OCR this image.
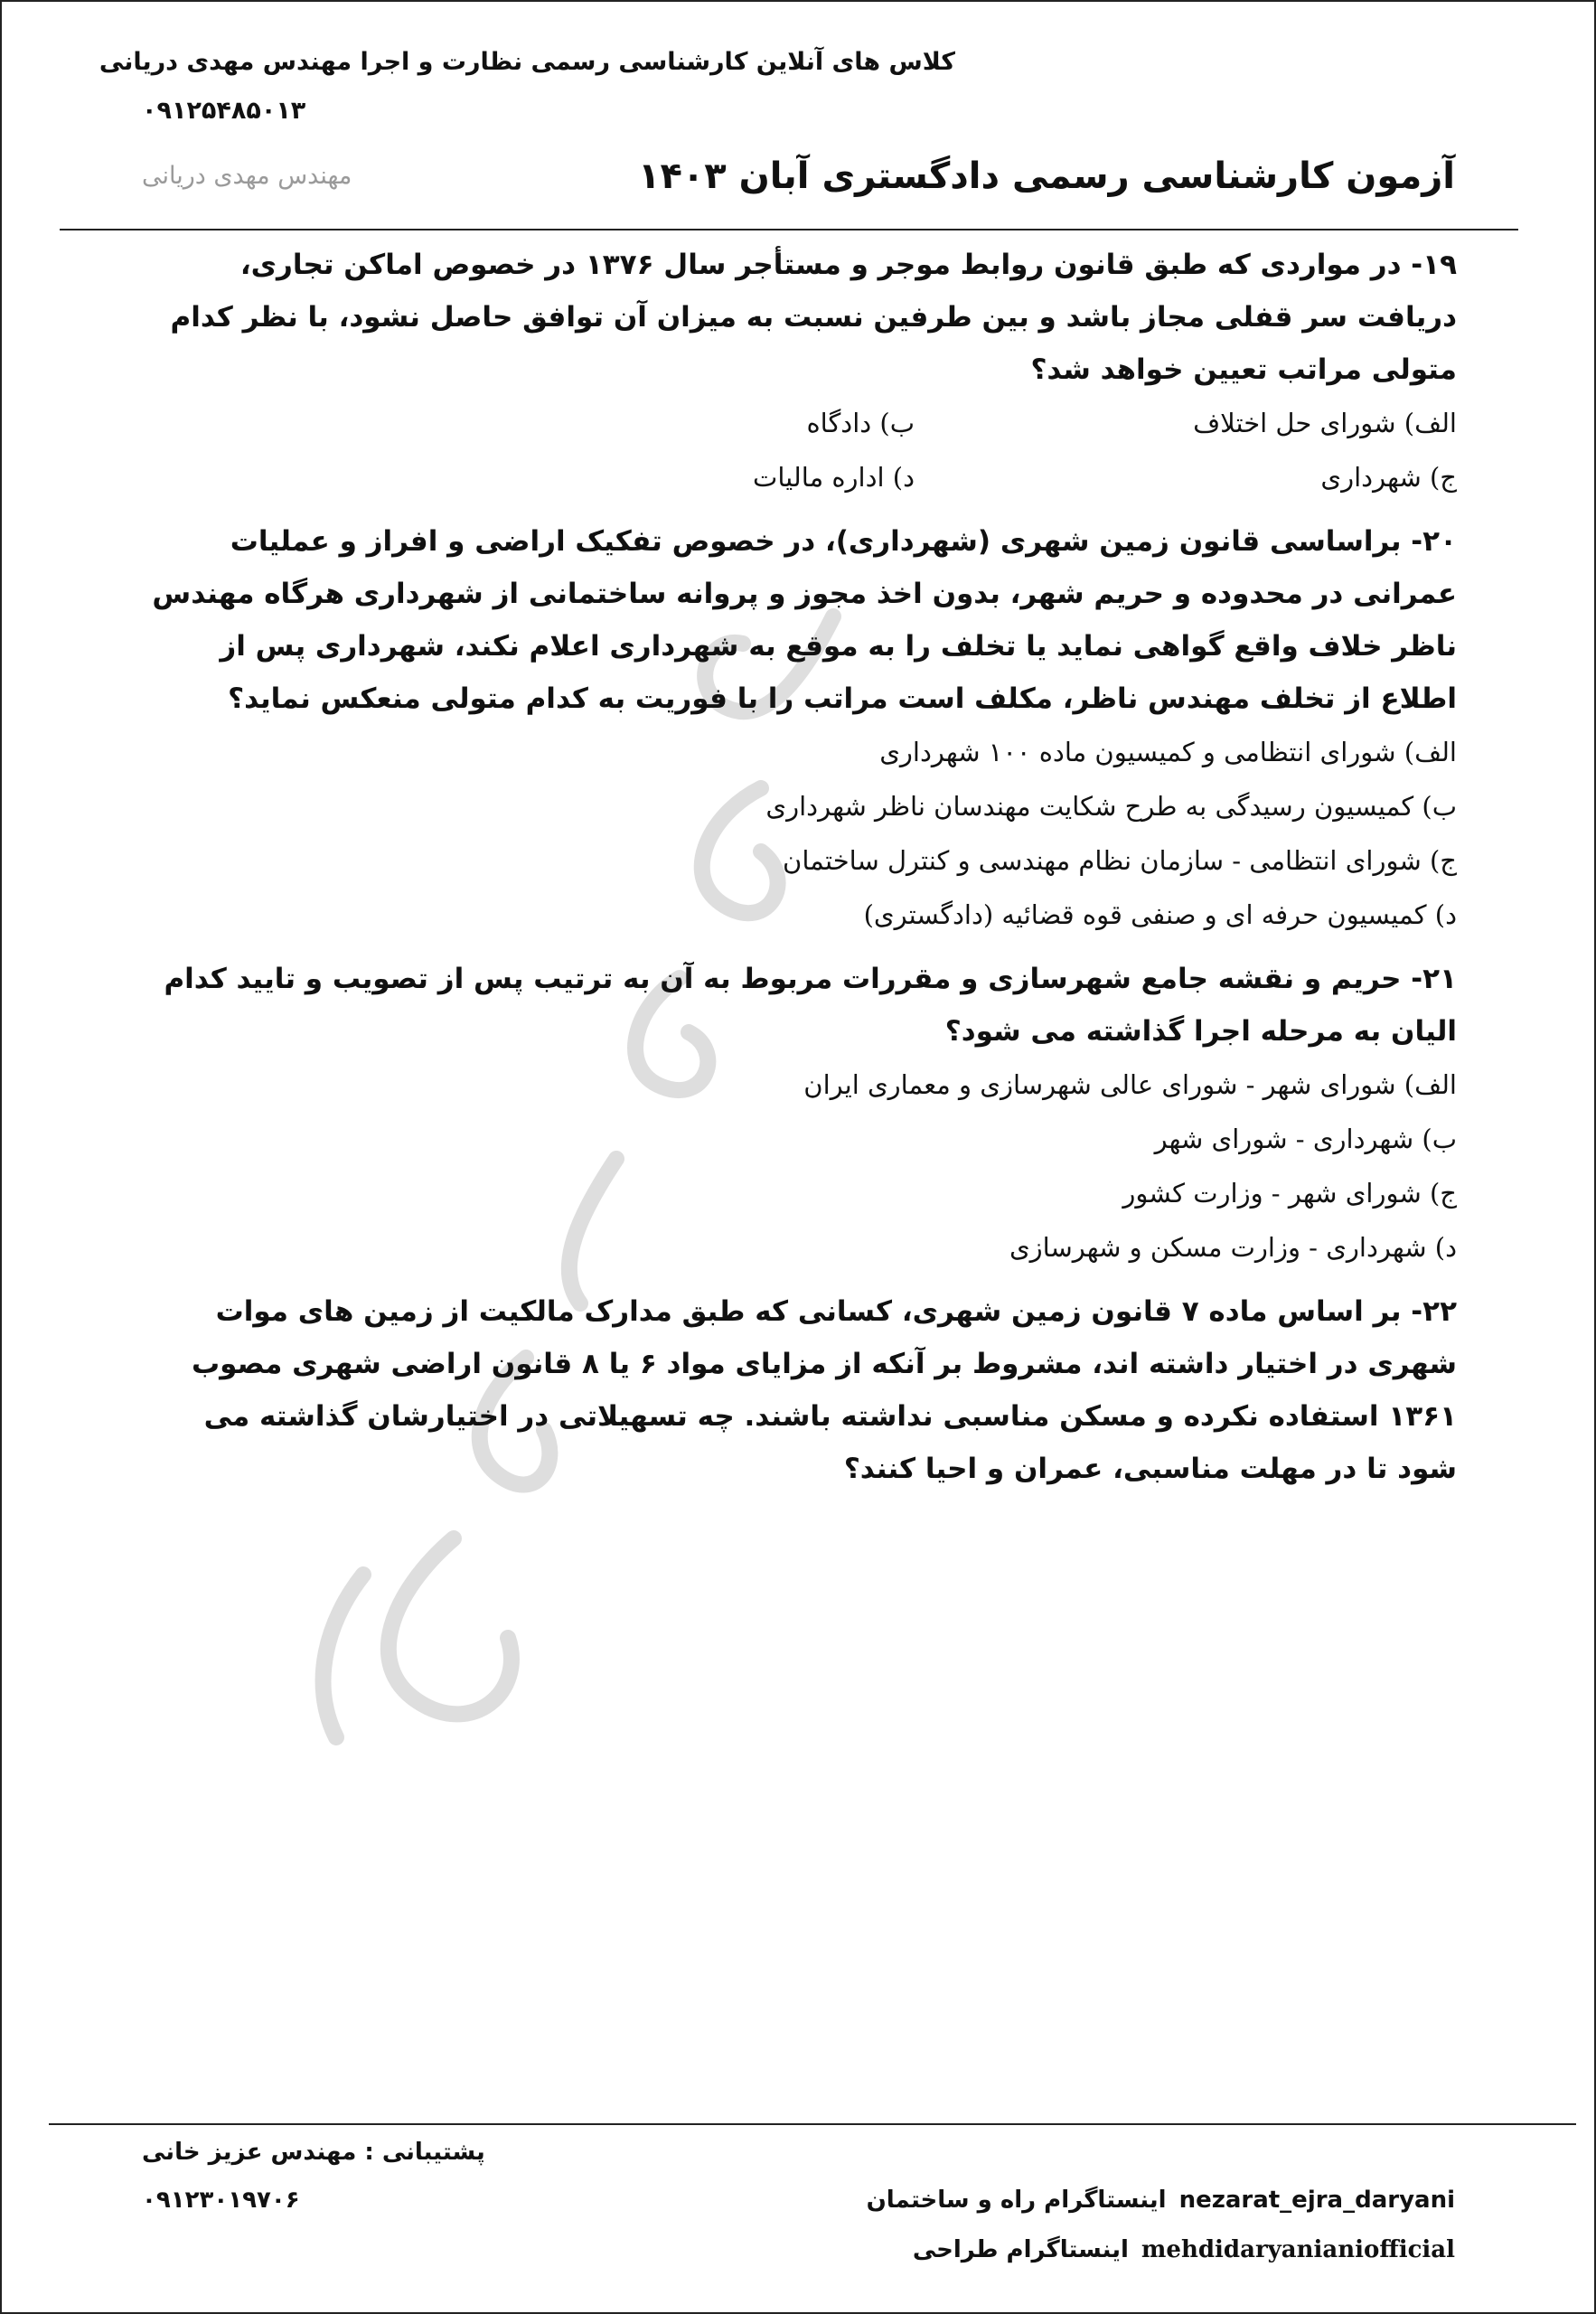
کلاس های آنلاین کارشناسی رسمی نظارت و اجرا مهندس مهدی دریانی
۰۹۱۲۵۴۸۵۰۱۳
مهندس مهدی دریانی	آزمون کارشناسی رسمی دادگستری آبان ۱۴۰۳

۱۹- در مواردی که طبق قانون روابط موجر و مستأجر سال ۱۳۷۶ در خصوص اماکن تجاری، دریافت سر قفلی مجاز باشد و بین طرفین نسبت به میزان آن توافق حاصل نشود، با نظر کدام متولی مراتب تعیین خواهد شد؟

الف) شورای حل اختلاف
ب) دادگاه
ج) شهرداری
د) اداره مالیات

۲۰- براساسی قانون زمین شهری (شهرداری)، در خصوص تفکیک اراضی و افراز و عملیات عمرانی در محدوده و حریم شهر، بدون اخذ مجوز و پروانه ساختمانی از شهرداری هرگاه مهندس ناظر خلاف واقع گواهی نماید یا تخلف را به موقع به شهرداری اعلام نکند، شهرداری پس از اطلاع از تخلف مهندس ناظر، مکلف است مراتب را با فوریت به کدام متولی منعکس نماید؟

الف) شورای انتظامی و کمیسیون ماده ۱۰۰ شهرداری
ب) کمیسیون رسیدگی به طرح شکایت مهندسان ناظر شهرداری
ج) شورای انتظامی - سازمان نظام مهندسی و کنترل ساختمان
د) کمیسیون حرفه ای و صنفی قوه قضائیه (دادگستری)

۲۱- حریم و نقشه جامع شهرسازی و مقررات مربوط به آن به ترتیب پس از تصویب و تایید کدام الیان به مرحله اجرا گذاشته می شود؟

الف) شورای شهر - شورای عالی شهرسازی و معماری ایران
ب) شهرداری - شورای شهر
ج) شورای شهر - وزارت کشور
د) شهرداری - وزارت مسکن و شهرسازی

۲۲- بر اساس ماده ۷ قانون زمین شهری، کسانی که طبق مدارک مالکیت از زمین های موات شهری در اختیار داشته اند، مشروط بر آنکه از مزایای مواد ۶ یا ۸ قانون اراضی شهری مصوب ۱۳۶۱ استفاده نکرده و مسکن مناسبی نداشته باشند. چه تسهیلاتی در اختیارشان گذاشته می شود تا در مهلت مناسبی، عمران و احیا کنند؟

پشتیبانی : مهندس عزیز خانی
۰۹۱۲۳۰۱۹۷۰۶	nezarat_ejra_daryaniاینستاگرام راه و ساختمان
mehdidaryanianiofficialاینستاگرام طراحی
